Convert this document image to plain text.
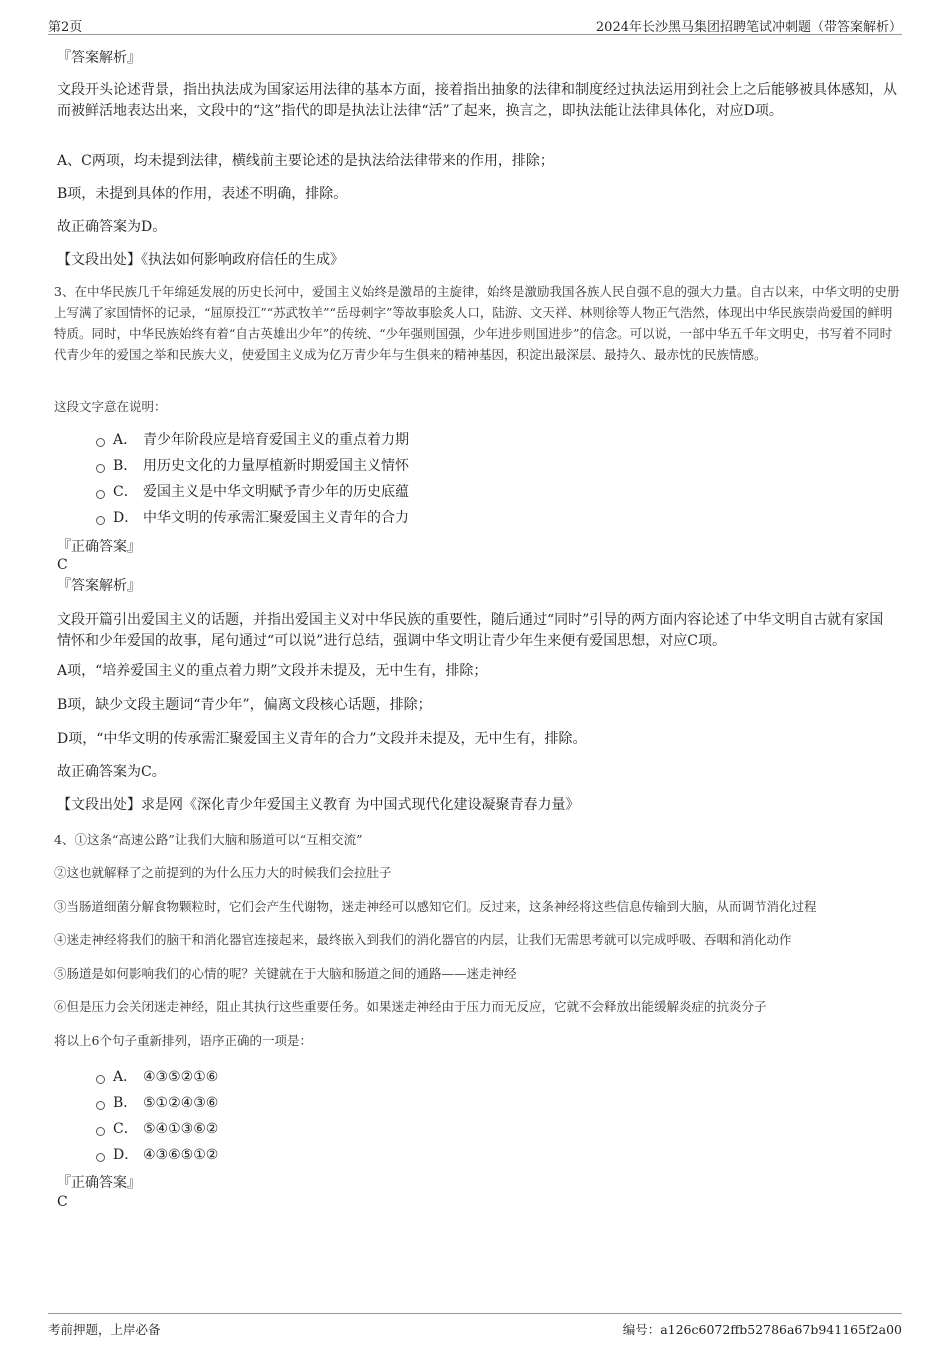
第2页	2024年长沙黑马集团招聘笔试冲刺题（带答案解析）

『答案解析』

文段开头论述背景，指出执法成为国家运用法律的基本方面，接着指出抽象的法律和制度经过执法运用到社会上之后能够被具体感知，从而被鲜活地表达出来，文段中的“这”指代的即是执法让法律“活”了起来，换言之，即执法能让法律具体化，对应D项。

A、C两项，均未提到法律，横线前主要论述的是执法给法律带来的作用，排除；

B项，未提到具体的作用，表述不明确，排除。

故正确答案为D。

【文段出处】《执法如何影响政府信任的生成》

3、在中华民族几千年绵延发展的历史长河中，爱国主义始终是激昂的主旋律，始终是激励我国各族人民自强不息的强大力量。自古以来，中华文明的史册上写满了家国情怀的记录，“屈原投江”“苏武牧羊”“岳母刺字”等故事脍炙人口，陆游、文天祥、林则徐等人物正气浩然，体现出中华民族崇尚爱国的鲜明特质。同时，中华民族始终有着“自古英雄出少年”的传统、“少年强则国强，少年进步则国进步”的信念。可以说，一部中华五千年文明史，书写着不同时代青少年的爱国之举和民族大义，使爱国主义成为亿万青少年与生俱来的精神基因，积淀出最深层、最持久、最赤忱的民族情感。

这段文字意在说明：

A． 青少年阶段应是培育爱国主义的重点着力期
B． 用历史文化的力量厚植新时期爱国主义情怀
C． 爱国主义是中华文明赋予青少年的历史底蕴
D． 中华文明的传承需汇聚爱国主义青年的合力

『正确答案』

C

『答案解析』

文段开篇引出爱国主义的话题，并指出爱国主义对中华民族的重要性，随后通过“同时”引导的两方面内容论述了中华文明自古就有家国情怀和少年爱国的故事，尾句通过“可以说”进行总结，强调中华文明让青少年生来便有爱国思想，对应C项。

A项，“培养爱国主义的重点着力期”文段并未提及，无中生有，排除；

B项，缺少文段主题词“青少年”，偏离文段核心话题，排除；

D项，“中华文明的传承需汇聚爱国主义青年的合力”文段并未提及，无中生有，排除。

故正确答案为C。

【文段出处】求是网《深化青少年爱国主义教育 为中国式现代化建设凝聚青春力量》

4、①这条“高速公路”让我们大脑和肠道可以“互相交流”

②这也就解释了之前提到的为什么压力大的时候我们会拉肚子

③当肠道细菌分解食物颗粒时，它们会产生代谢物，迷走神经可以感知它们。反过来，这条神经将这些信息传输到大脑，从而调节消化过程

④迷走神经将我们的脑干和消化器官连接起来，最终嵌入到我们的消化器官的内层，让我们无需思考就可以完成呼吸、吞咽和消化动作

⑤肠道是如何影响我们的心情的呢？关键就在于大脑和肠道之间的通路——迷走神经

⑥但是压力会关闭迷走神经，阻止其执行这些重要任务。如果迷走神经由于压力而无反应，它就不会释放出能缓解炎症的抗炎分子

将以上6个句子重新排列，语序正确的一项是：

A． ④③⑤②①⑥
B． ⑤①②④③⑥
C． ⑤④①③⑥②
D． ④③⑥⑤①②

『正确答案』

C

考前押题，上岸必备	编号：a126c6072ffb52786a67b941165f2a00
